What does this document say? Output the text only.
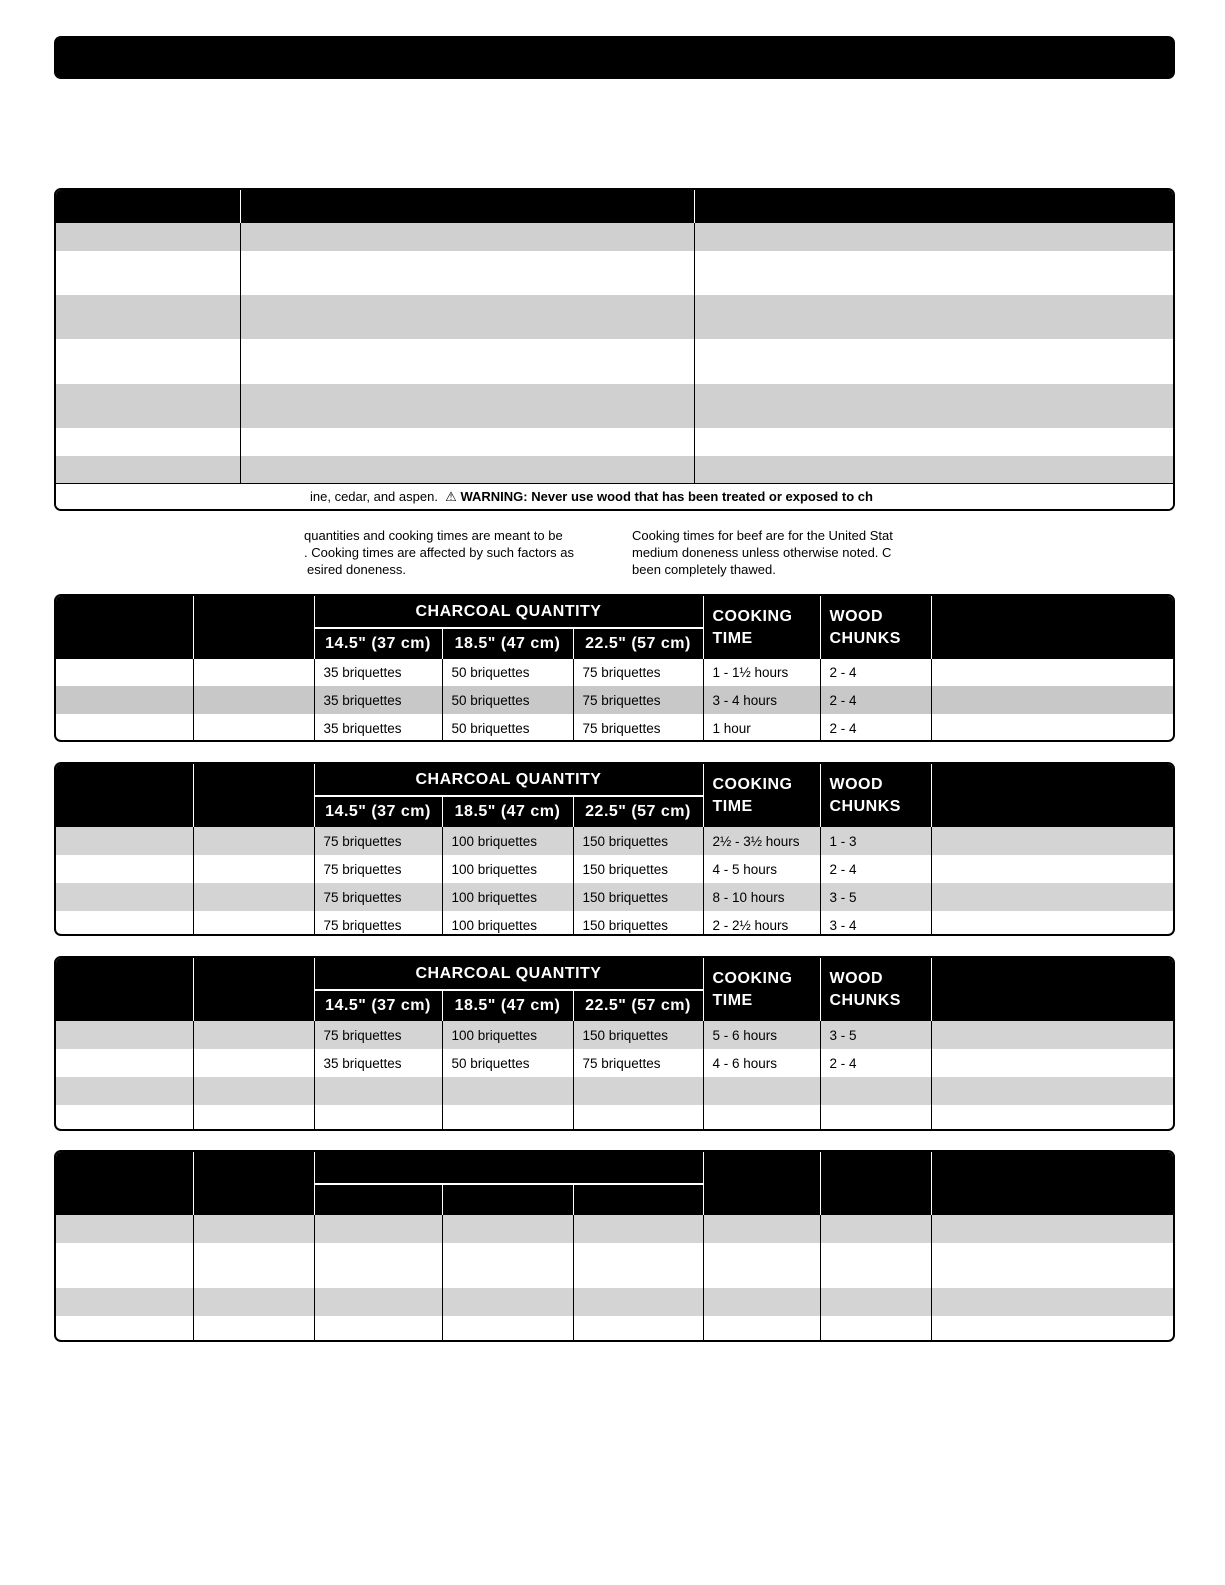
ine, cedar, and aspen. ⚠ WARNING: Never use wood that has been treated or exposed to ch
quantities and cooking times are meant to be
. Cooking times are affected by such factors as
esired doneness.
Cooking times for beef are for the United Stat
medium doneness unless otherwise noted. C
been completely thawed.
		CHARCOAL QUANTITY			COOKING
TIME	WOOD
CHUNKS	
		14.5" (37 cm)	18.5" (47 cm)	22.5" (57 cm)			
		35 briquettes	50 briquettes	75 briquettes	1 - 1½ hours	2 - 4	
		35 briquettes	50 briquettes	75 briquettes	3 - 4 hours	2 - 4	
		35 briquettes	50 briquettes	75 briquettes	1 hour	2 - 4	
		CHARCOAL QUANTITY			COOKING
TIME	WOOD
CHUNKS	
		14.5" (37 cm)	18.5" (47 cm)	22.5" (57 cm)			
		75 briquettes	100 briquettes	150 briquettes	2½ - 3½ hours	1 - 3	
		75 briquettes	100 briquettes	150 briquettes	4 - 5 hours	2 - 4	
		75 briquettes	100 briquettes	150 briquettes	8 - 10 hours	3 - 5	
		75 briquettes	100 briquettes	150 briquettes	2 - 2½ hours	3 - 4	
		CHARCOAL QUANTITY			COOKING
TIME	WOOD
CHUNKS	
		14.5" (37 cm)	18.5" (47 cm)	22.5" (57 cm)			
		75 briquettes	100 briquettes	150 briquettes	5 - 6 hours	3 - 5	
		35 briquettes	50 briquettes	75 briquettes	4 - 6 hours	2 - 4	
